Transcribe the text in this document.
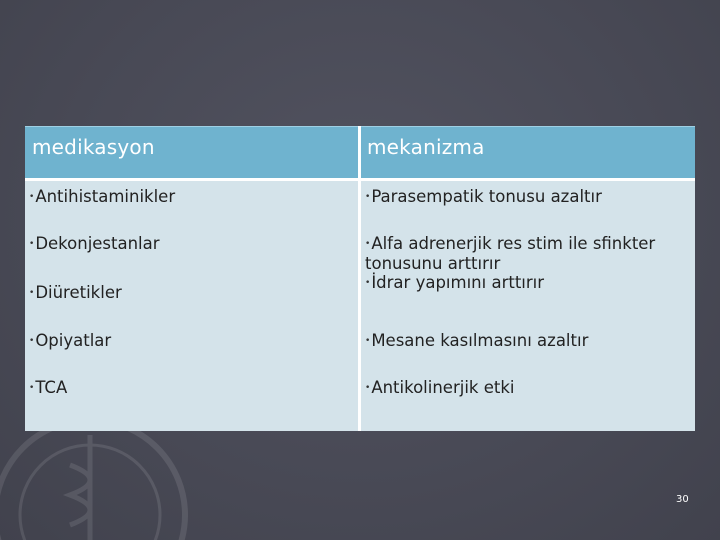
medikasyon	mekanizma
•Antihistaminikler
•Dekonjestanlar
•Diüretikler
•Opiyatlar
•TCA
•Parasempatik tonusu azaltır
•Alfa adrenerjik res stim ile sfinkter
tonusunu arttırır
•İdrar yapımını arttırır
•Mesane kasılmasını azaltır
•Antikolinerjik etki
30
